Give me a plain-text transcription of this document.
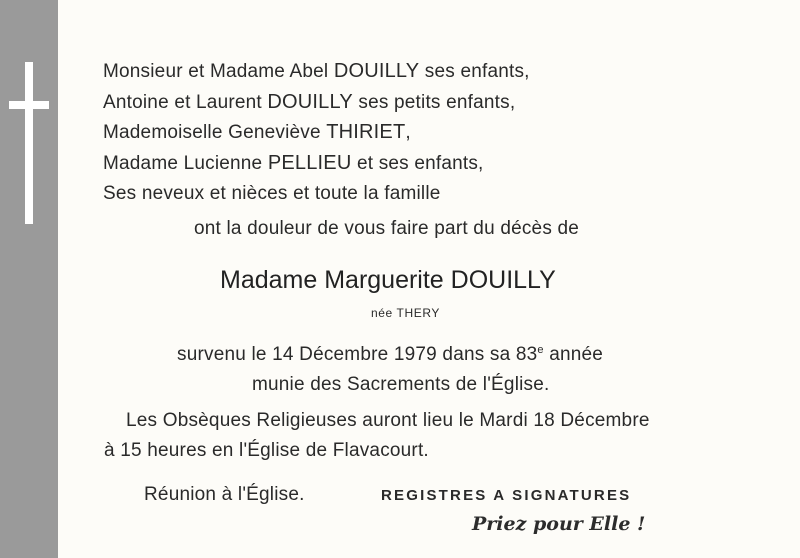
Monsieur et Madame Abel DOUILLY ses enfants,
Antoine et Laurent DOUILLY ses petits enfants,
Mademoiselle Geneviève THIRIET,
Madame Lucienne PELLIEU et ses enfants,
Ses neveux et nièces et toute la famille
ont la douleur de vous faire part du décès de
Madame Marguerite DOUILLY
née THERY
survenu le 14 Décembre 1979 dans sa 83e année
munie des Sacrements de l'Église.
Les Obsèques Religieuses auront lieu le Mardi 18 Décembre
à 15 heures en l'Église de Flavacourt.
Réunion à l'Église.	REGISTRES A SIGNATURES
Priez pour Elle !
